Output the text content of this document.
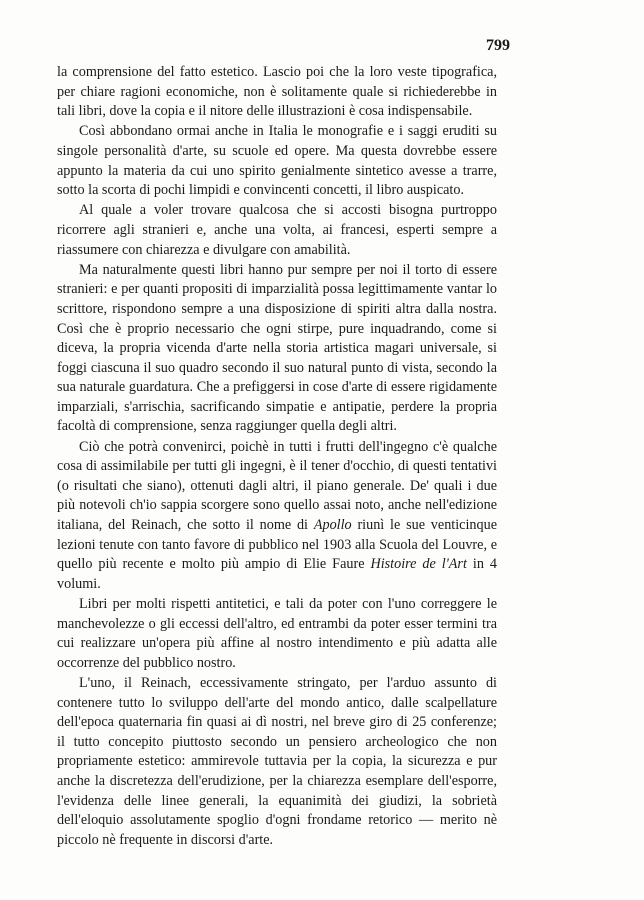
799

la comprensione del fatto estetico. Lascio poi che la loro veste tipografica, per chiare ragioni economiche, non è solitamente quale si richiederebbe in tali libri, dove la copia e il nitore delle illustrazioni è cosa indispensabile.

Così abbondano ormai anche in Italia le monografie e i saggi eruditi su singole personalità d'arte, su scuole ed opere. Ma questa dovrebbe essere appunto la materia da cui uno spirito genialmente sintetico avesse a trarre, sotto la scorta di pochi limpidi e convincenti concetti, il libro auspicato.

Al quale a voler trovare qualcosa che si accosti bisogna purtroppo ricorrere agli stranieri e, anche una volta, ai francesi, esperti sempre a riassumere con chiarezza e divulgare con amabilità.

Ma naturalmente questi libri hanno pur sempre per noi il torto di essere stranieri: e per quanti propositi di imparzialità possa legittimamente vantar lo scrittore, rispondono sempre a una disposizione di spiriti altra dalla nostra. Così che è proprio necessario che ogni stirpe, pure inquadrando, come si diceva, la propria vicenda d'arte nella storia artistica magari universale, si foggi ciascuna il suo quadro secondo il suo natural punto di vista, secondo la sua naturale guardatura. Che a prefiggersi in cose d'arte di essere rigidamente imparziali, s'arrischia, sacrificando simpatie e antipatie, perdere la propria facoltà di comprensione, senza raggiunger quella degli altri.

Ciò che potrà convenirci, poichè in tutti i frutti dell'ingegno c'è qualche cosa di assimilabile per tutti gli ingegni, è il tener d'occhio, di questi tentativi (o risultati che siano), ottenuti dagli altri, il piano generale. De' quali i due più notevoli ch'io sappia scorgere sono quello assai noto, anche nell'edizione italiana, del Reinach, che sotto il nome di Apollo riunì le sue venticinque lezioni tenute con tanto favore di pubblico nel 1903 alla Scuola del Louvre, e quello più recente e molto più ampio di Elie Faure Histoire de l'Art in 4 volumi.

Libri per molti rispetti antitetici, e tali da poter con l'uno correggere le manchevolezze o gli eccessi dell'altro, ed entrambi da poter esser termini tra cui realizzare un'opera più affine al nostro intendimento e più adatta alle occorrenze del pubblico nostro.

L'uno, il Reinach, eccessivamente stringato, per l'arduo assunto di contenere tutto lo sviluppo dell'arte del mondo antico, dalle scalpellature dell'epoca quaternaria fin quasi ai dì nostri, nel breve giro di 25 conferenze; il tutto concepito piuttosto secondo un pensiero archeologico che non propriamente estetico: ammirevole tuttavia per la copia, la sicurezza e pur anche la discretezza dell'erudizione, per la chiarezza esemplare dell'esporre, l'evidenza delle linee generali, la equanimità dei giudizi, la sobrietà dell'eloquio assolutamente spoglio d'ogni frondame retorico — merito nè piccolo nè frequente in discorsi d'arte.
